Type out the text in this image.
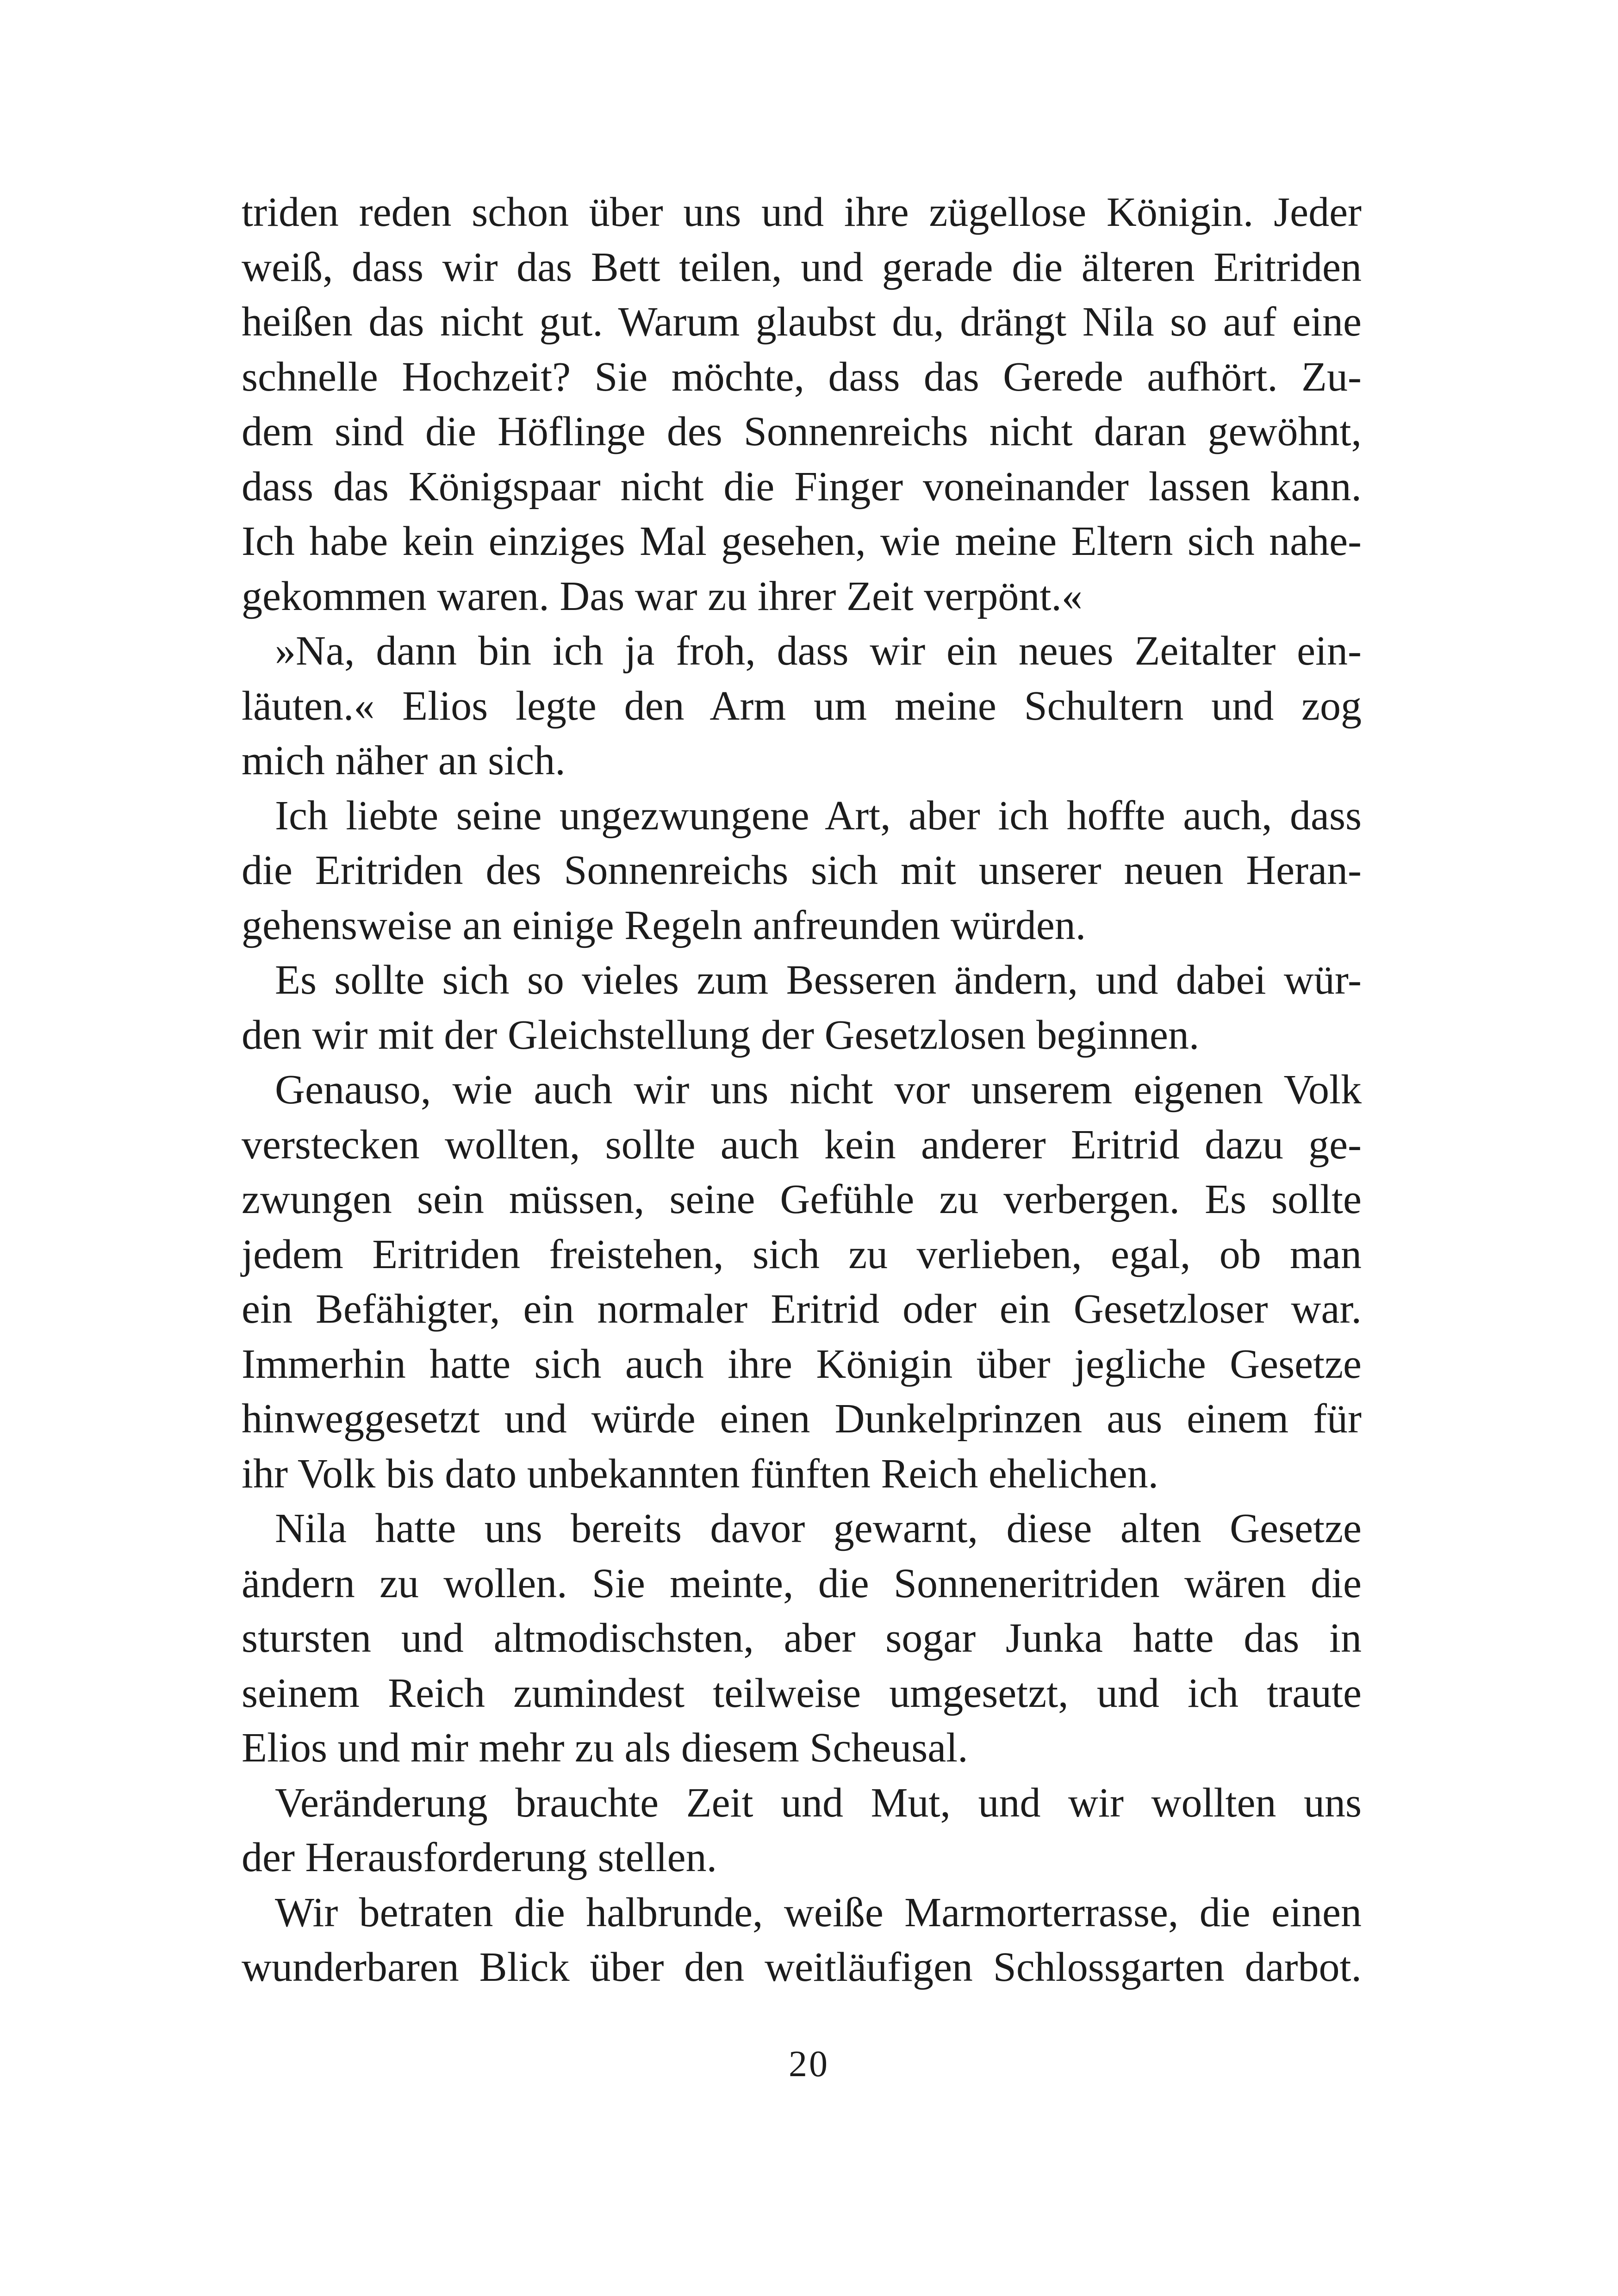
triden reden schon über uns und ihre zügellose Königin. Jeder
weiß, dass wir das Bett teilen, und gerade die älteren Eritriden
heißen das nicht gut. Warum glaubst du, drängt Nila so auf eine
schnelle Hochzeit? Sie möchte, dass das Gerede aufhört. Zu-
dem sind die Höflinge des Sonnenreichs nicht daran gewöhnt,
dass das Königspaar nicht die Finger voneinander lassen kann.
Ich habe kein einziges Mal gesehen, wie meine Eltern sich nahe-
gekommen waren. Das war zu ihrer Zeit verpönt.«
»Na, dann bin ich ja froh, dass wir ein neues Zeitalter ein-
läuten.« Elios legte den Arm um meine Schultern und zog
mich näher an sich.
Ich liebte seine ungezwungene Art, aber ich hoffte auch, dass
die Eritriden des Sonnenreichs sich mit unserer neuen Heran-
gehensweise an einige Regeln anfreunden würden.
Es sollte sich so vieles zum Besseren ändern, und dabei wür-
den wir mit der Gleichstellung der Gesetzlosen beginnen.
Genauso, wie auch wir uns nicht vor unserem eigenen Volk
verstecken wollten, sollte auch kein anderer Eritrid dazu ge-
zwungen sein müssen, seine Gefühle zu verbergen. Es sollte
jedem Eritriden freistehen, sich zu verlieben, egal, ob man
ein Befähigter, ein normaler Eritrid oder ein Gesetzloser war.
Immerhin hatte sich auch ihre Königin über jegliche Gesetze
hinweggesetzt und würde einen Dunkelprinzen aus einem für
ihr Volk bis dato unbekannten fünften Reich ehelichen.
Nila hatte uns bereits davor gewarnt, diese alten Gesetze
ändern zu wollen. Sie meinte, die Sonneneritriden wären die
stursten und altmodischsten, aber sogar Junka hatte das in
seinem Reich zumindest teilweise umgesetzt, und ich traute
Elios und mir mehr zu als diesem Scheusal.
Veränderung brauchte Zeit und Mut, und wir wollten uns
der Herausforderung stellen.
Wir betraten die halbrunde, weiße Marmorterrasse, die einen
wunderbaren Blick über den weitläufigen Schlossgarten darbot.
20
